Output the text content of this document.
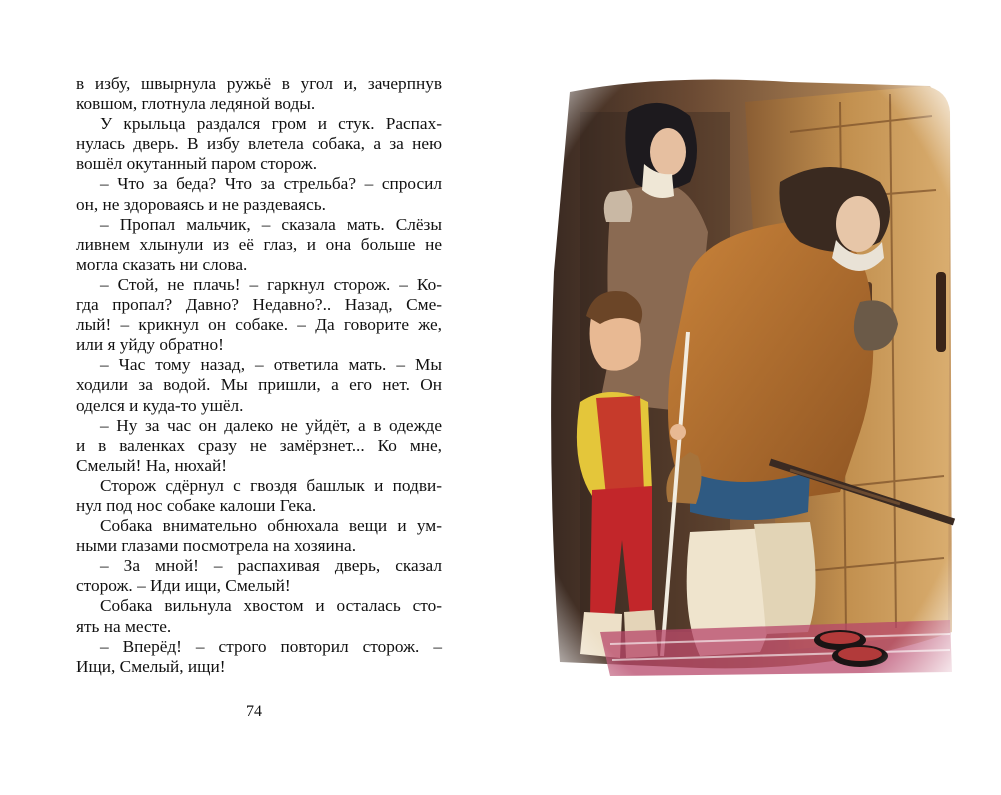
в избу, швырнула ружьё в угол и, зачерпнув
ковшом, глотнула ледяной воды.
У крыльца раздался гром и стук. Распах-
нулась дверь. В избу влетела собака, а за нею
вошёл окутанный паром сторож.
– Что за беда? Что за стрельба? – спросил
он, не здороваясь и не раздеваясь.
– Пропал мальчик, – сказала мать. Слёзы
ливнем хлынули из её глаз, и она больше не
могла сказать ни слова.
– Стой, не плачь! – гаркнул сторож. – Ко-
гда пропал? Давно? Недавно?.. Назад, Сме-
лый! – крикнул он собаке. – Да говорите же,
или я уйду обратно!
– Час тому назад, – ответила мать. – Мы
ходили за водой. Мы пришли, а его нет. Он
оделся и куда-то ушёл.
– Ну за час он далеко не уйдёт, а в одежде
и в валенках сразу не замёрзнет... Ко мне,
Смелый! На, нюхай!
Сторож сдёрнул с гвоздя башлык и подви-
нул под нос собаке калоши Гека.
Собака внимательно обнюхала вещи и ум-
ными глазами посмотрела на хозяина.
– За мной! – распахивая дверь, сказал
сторож. – Иди ищи, Смелый!
Собака вильнула хвостом и осталась сто-
ять на месте.
– Вперёд! – строго повторил сторож. –
Ищи, Смелый, ищи!
74
